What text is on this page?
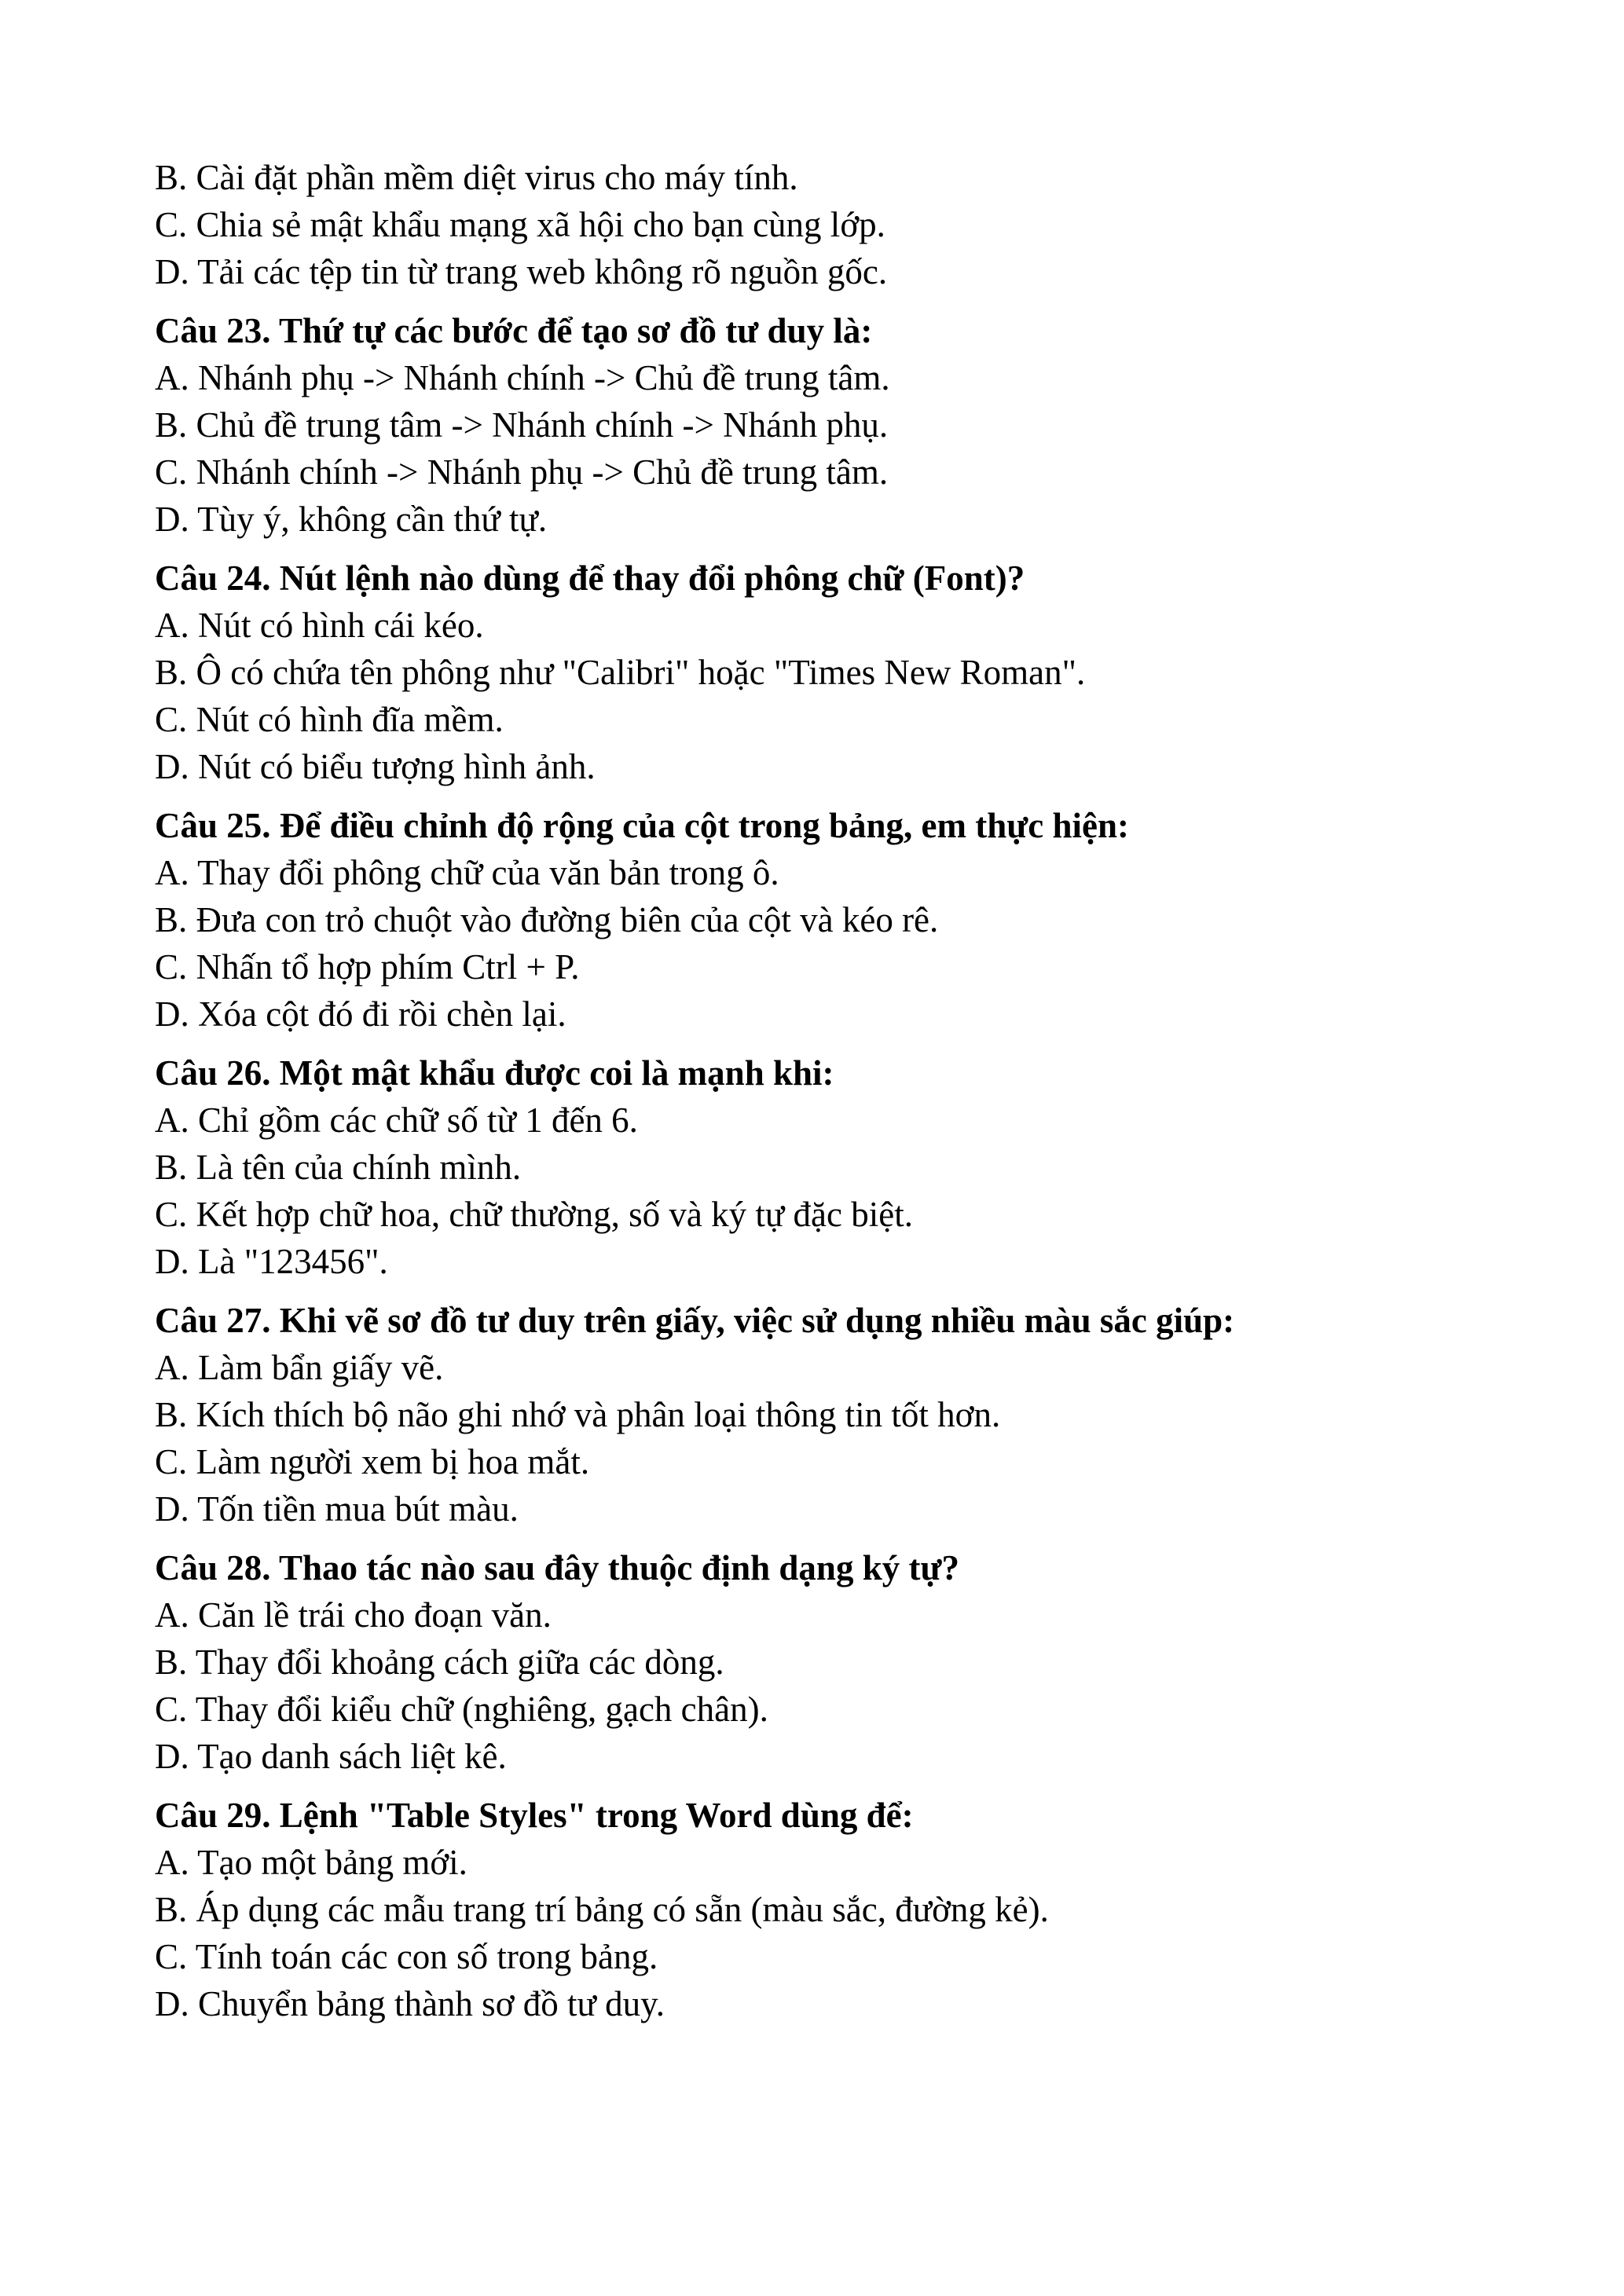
B. Cài đặt phần mềm diệt virus cho máy tính.
C. Chia sẻ mật khẩu mạng xã hội cho bạn cùng lớp.
D. Tải các tệp tin từ trang web không rõ nguồn gốc.
Câu 23. Thứ tự các bước để tạo sơ đồ tư duy là:
A. Nhánh phụ -> Nhánh chính -> Chủ đề trung tâm.
B. Chủ đề trung tâm -> Nhánh chính -> Nhánh phụ.
C. Nhánh chính -> Nhánh phụ -> Chủ đề trung tâm.
D. Tùy ý, không cần thứ tự.
Câu 24. Nút lệnh nào dùng để thay đổi phông chữ (Font)?
A. Nút có hình cái kéo.
B. Ô có chứa tên phông như "Calibri" hoặc "Times New Roman".
C. Nút có hình đĩa mềm.
D. Nút có biểu tượng hình ảnh.
Câu 25. Để điều chỉnh độ rộng của cột trong bảng, em thực hiện:
A. Thay đổi phông chữ của văn bản trong ô.
B. Đưa con trỏ chuột vào đường biên của cột và kéo rê.
C. Nhấn tổ hợp phím Ctrl + P.
D. Xóa cột đó đi rồi chèn lại.
Câu 26. Một mật khẩu được coi là mạnh khi:
A. Chỉ gồm các chữ số từ 1 đến 6.
B. Là tên của chính mình.
C. Kết hợp chữ hoa, chữ thường, số và ký tự đặc biệt.
D. Là "123456".
Câu 27. Khi vẽ sơ đồ tư duy trên giấy, việc sử dụng nhiều màu sắc giúp:
A. Làm bẩn giấy vẽ.
B. Kích thích bộ não ghi nhớ và phân loại thông tin tốt hơn.
C. Làm người xem bị hoa mắt.
D. Tốn tiền mua bút màu.
Câu 28. Thao tác nào sau đây thuộc định dạng ký tự?
A. Căn lề trái cho đoạn văn.
B. Thay đổi khoảng cách giữa các dòng.
C. Thay đổi kiểu chữ (nghiêng, gạch chân).
D. Tạo danh sách liệt kê.
Câu 29. Lệnh "Table Styles" trong Word dùng để:
A. Tạo một bảng mới.
B. Áp dụng các mẫu trang trí bảng có sẵn (màu sắc, đường kẻ).
C. Tính toán các con số trong bảng.
D. Chuyển bảng thành sơ đồ tư duy.
